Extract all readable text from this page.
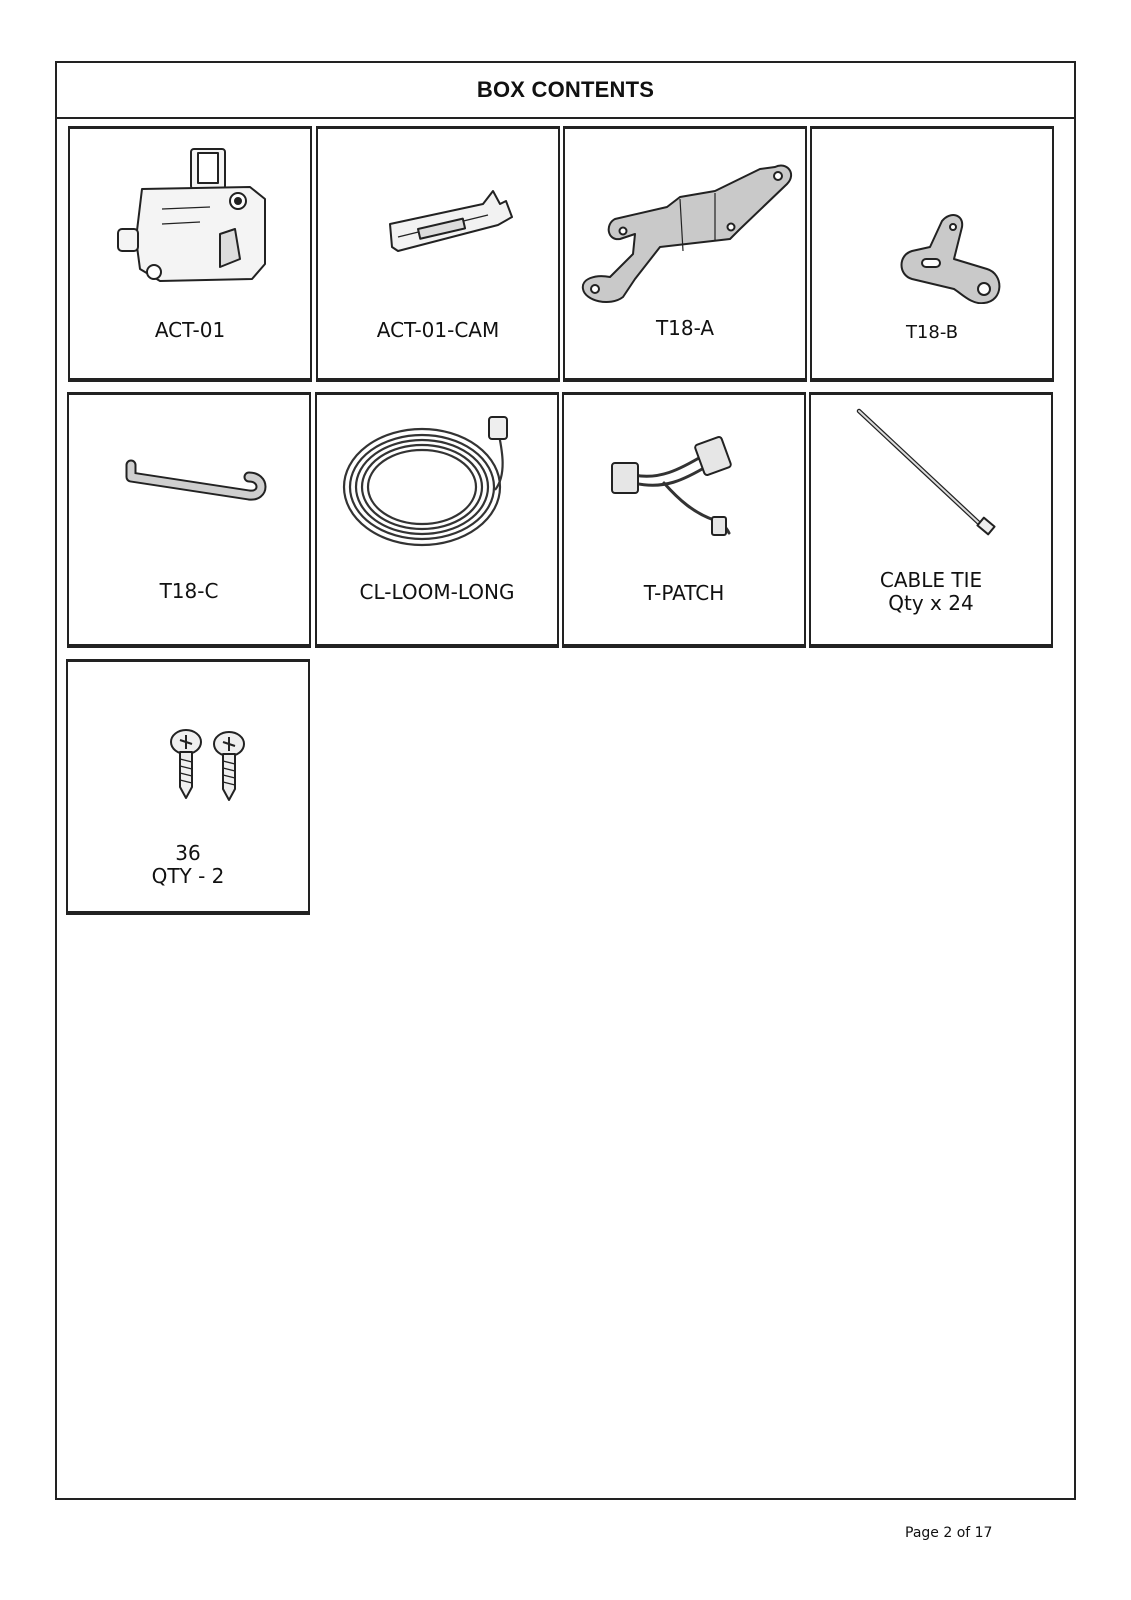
BOX CONTENTS
ACT-01	ACT-01-CAM	T18-A	T18-B
T18-C	CL-LOOM-LONG	T-PATCH
CABLE TIE
Qty x 24
36
QTY - 2
Page 2 of 17
